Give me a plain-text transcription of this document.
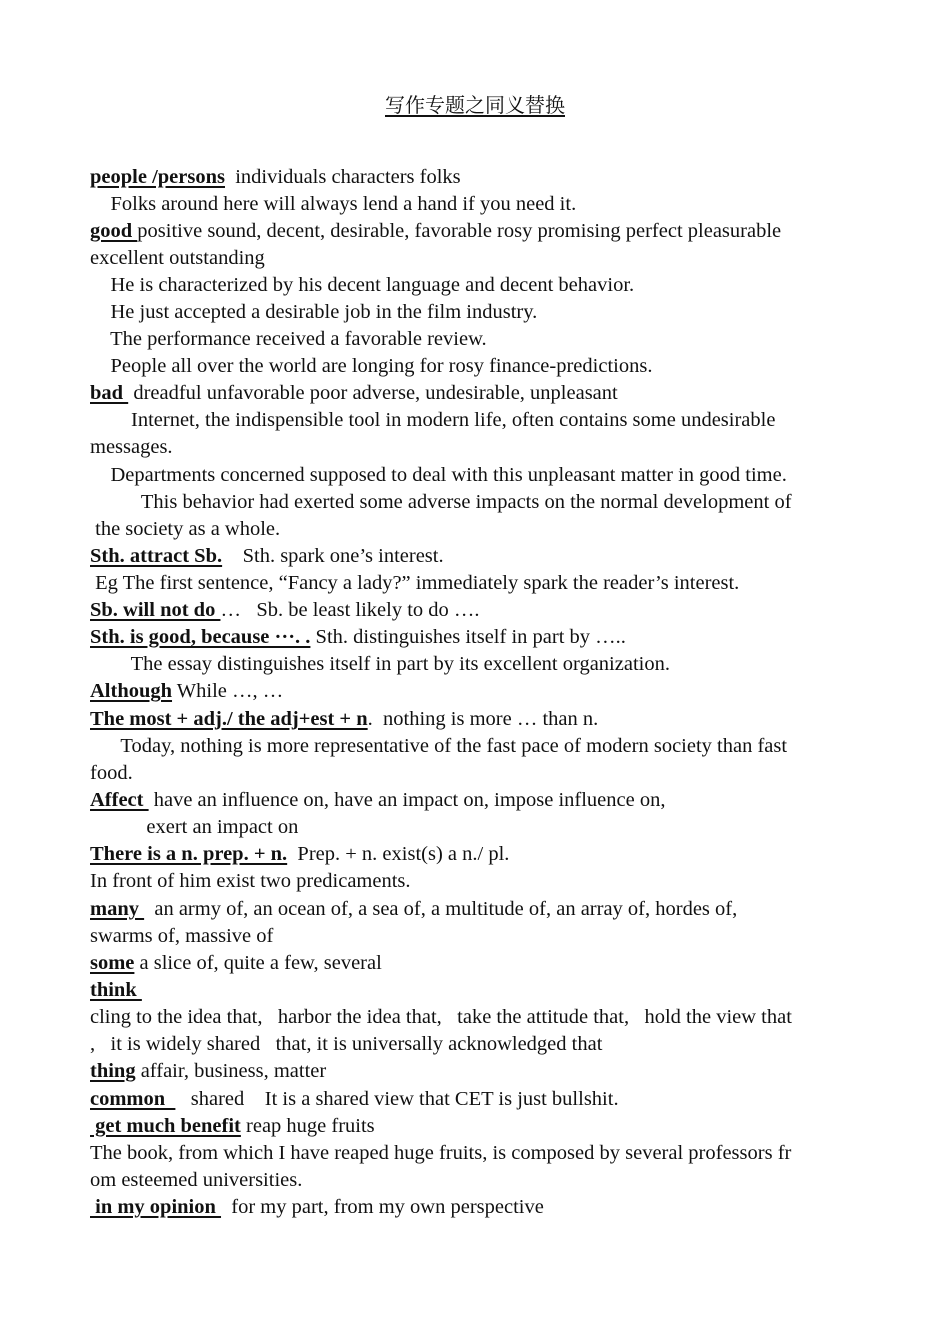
写作专题之同义替换
people /persons  individuals characters folks
Folks around here will always lend a hand if you need it.
good positive sound, decent, desirable, favorable rosy promising perfect pleasurable
excellent outstanding
He is characterized by his decent language and decent behavior.
He just accepted a desirable job in the film industry.
The performance received a favorable review.
People all over the world are longing for rosy finance-predictions.
bad  dreadful unfavorable poor adverse, undesirable, unpleasant
Internet, the indispensible tool in modern life, often contains some undesirable
messages.
Departments concerned supposed to deal with this unpleasant matter in good time.
This behavior had exerted some adverse impacts on the normal development of
the society as a whole.
Sth. attract Sb.    Sth. spark one’s interest.
Eg The first sentence, “Fancy a lady?” immediately spark the reader’s interest.
Sb. will not do …   Sb. be least likely to do ….
Sth. is good, because ···. . Sth. distinguishes itself in part by …..
The essay distinguishes itself in part by its excellent organization.
Although While …, …
The most + adj./ the adj+est + n.  nothing is more … than n.
Today, nothing is more representative of the fast pace of modern society than fast
food.
Affect  have an influence on, have an impact on, impose influence on,
exert an impact on
There is a n. prep. + n.  Prep. + n. exist(s) a n./ pl.
In front of him exist two predicaments.
many   an army of, an ocean of, a sea of, a multitude of, an array of, hordes of,
swarms of, massive of
some a slice of, quite a few, several
think
cling to the idea that,   harbor the idea that,   take the attitude that,   hold the view that
,   it is widely shared   that, it is universally acknowledged that
thing affair, business, matter
common     shared    It is a shared view that CET is just bullshit.
get much benefit reap huge fruits
The book, from which I have reaped huge fruits, is composed by several professors fr
om esteemed universities.
in my opinion   for my part, from my own perspective
